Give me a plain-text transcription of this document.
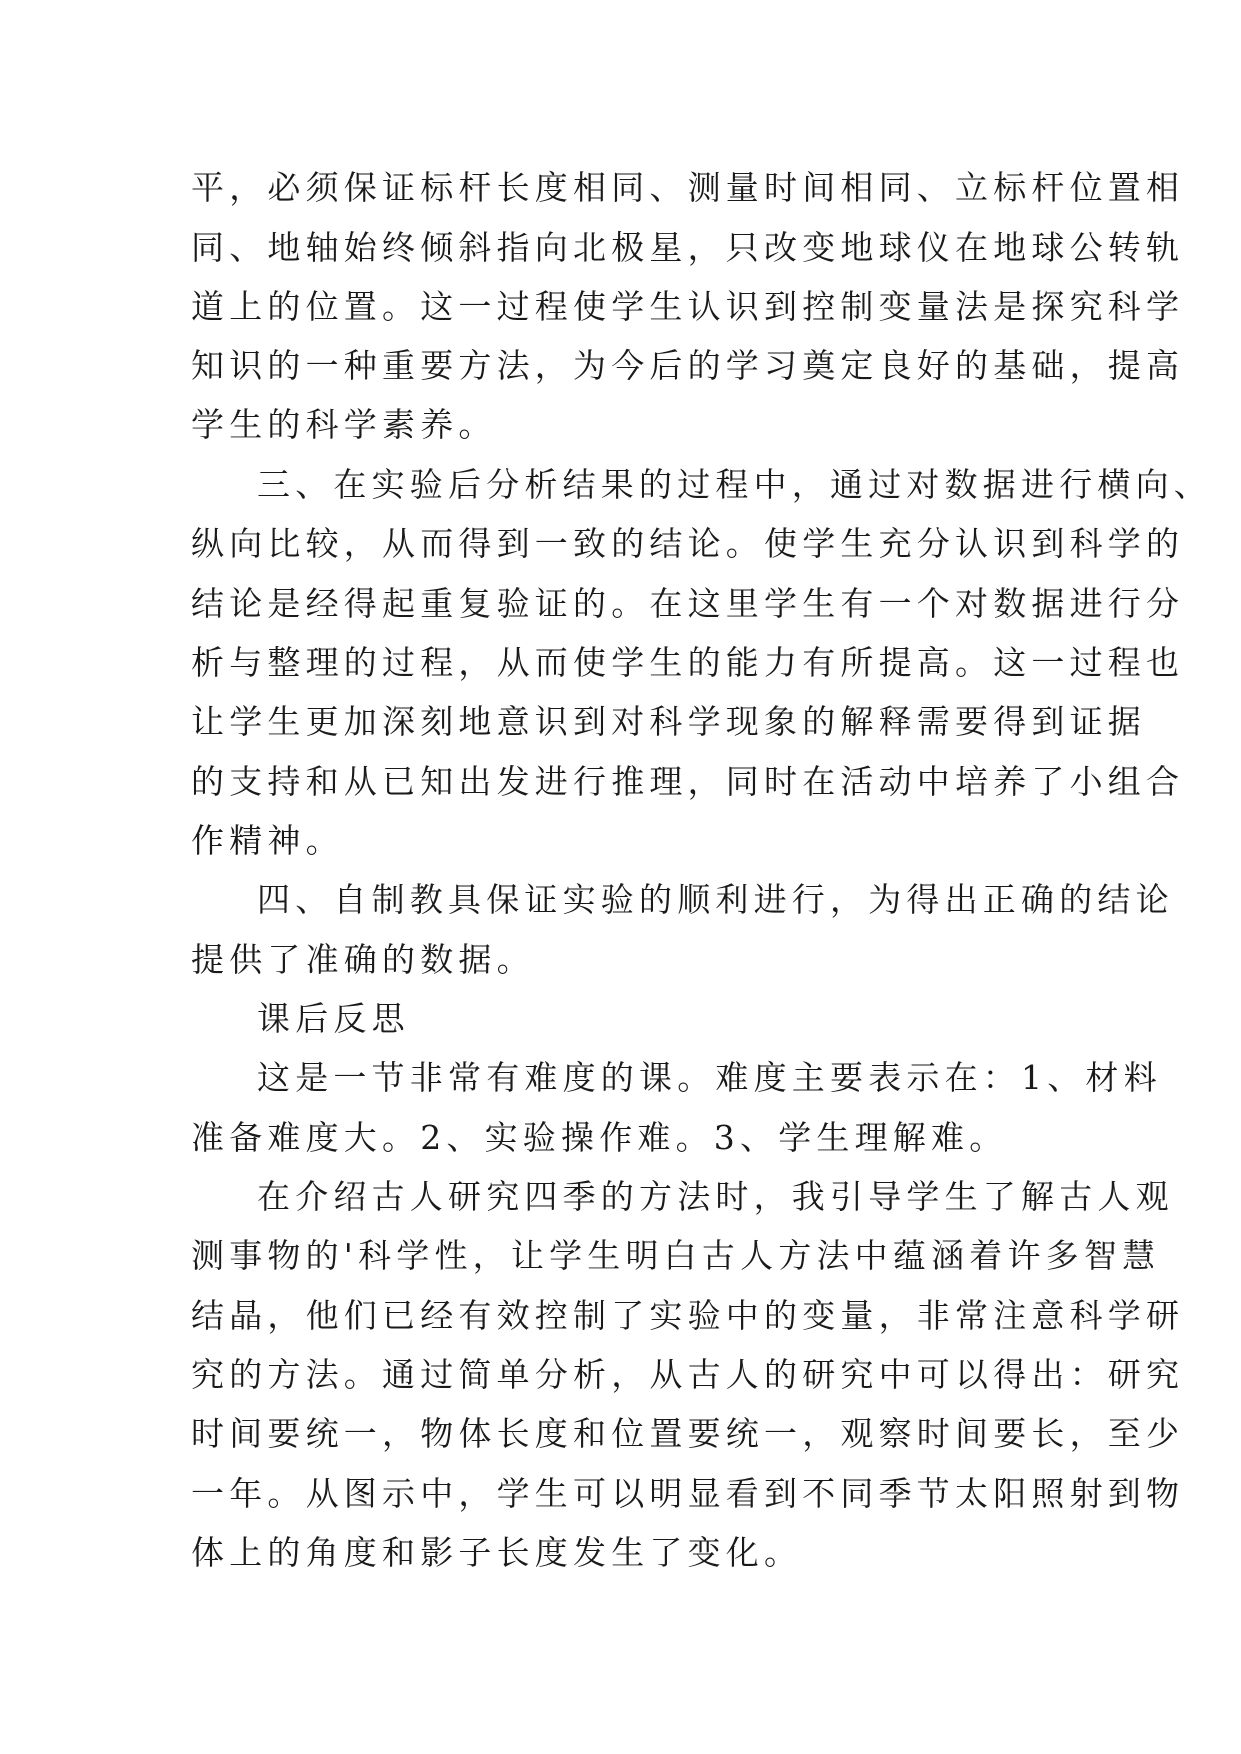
平，必须保证标杆长度相同、测量时间相同、立标杆位置相
同、地轴始终倾斜指向北极星，只改变地球仪在地球公转轨
道上的位置。这一过程使学生认识到控制变量法是探究科学
知识的一种重要方法，为今后的学习奠定良好的基础，提高
学生的科学素养。
三、在实验后分析结果的过程中，通过对数据进行横向、
纵向比较，从而得到一致的结论。使学生充分认识到科学的
结论是经得起重复验证的。在这里学生有一个对数据进行分
析与整理的过程，从而使学生的能力有所提高。这一过程也
让学生更加深刻地意识到对科学现象的解释需要得到证据
的支持和从已知出发进行推理，同时在活动中培养了小组合
作精神。
四、自制教具保证实验的顺利进行，为得出正确的结论
提供了准确的数据。
课后反思
这是一节非常有难度的课。难度主要表示在：1、材料
准备难度大。2、实验操作难。3、学生理解难。
在介绍古人研究四季的方法时，我引导学生了解古人观
测事物的'科学性，让学生明白古人方法中蕴涵着许多智慧
结晶，他们已经有效控制了实验中的变量，非常注意科学研
究的方法。通过简单分析，从古人的研究中可以得出：研究
时间要统一，物体长度和位置要统一，观察时间要长，至少
一年。从图示中，学生可以明显看到不同季节太阳照射到物
体上的角度和影子长度发生了变化。
